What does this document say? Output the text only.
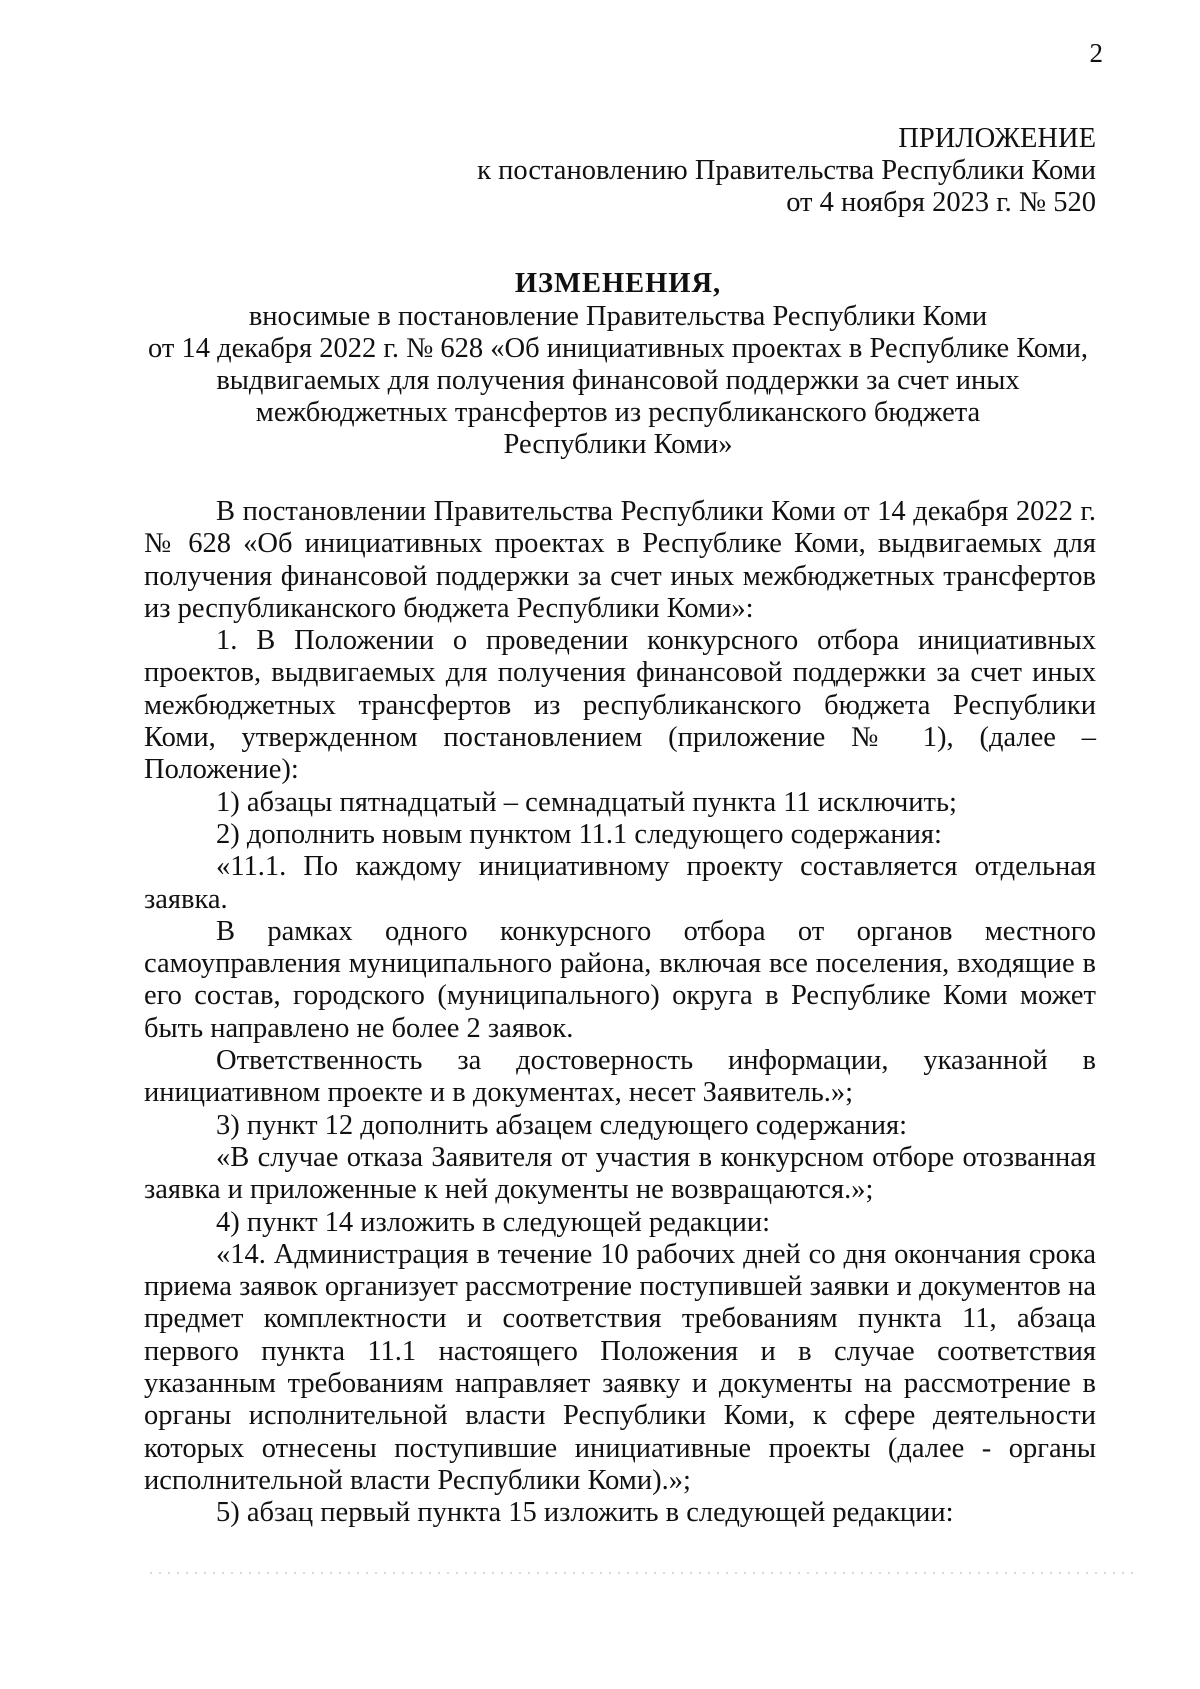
2
ПРИЛОЖЕНИЕ
к постановлению Правительства Республики Коми
от 4 ноября 2023 г. № 520
ИЗМЕНЕНИЯ,
вносимые в постановление Правительства Республики Коми
от 14 декабря 2022 г. № 628 «Об инициативных проектах в Республике Коми,
выдвигаемых для получения финансовой поддержки за счет иных
межбюджетных трансфертов из республиканского бюджета
Республики Коми»

В постановлении Правительства Республики Коми от 14 декабря 2022 г. № 628 «Об инициативных проектах в Республике Коми, выдвигаемых для получения финансовой поддержки за счет иных межбюджетных трансфертов из республиканского бюджета Республики Коми»:

1. В Положении о проведении конкурсного отбора инициативных проектов, выдвигаемых для получения финансовой поддержки за счет иных межбюджетных трансфертов из республиканского бюджета Республики Коми, утвержденном постановлением (приложение № 1), (далее – Положение):

1) абзацы пятнадцатый – семнадцатый пункта 11 исключить;

2) дополнить новым пунктом 11.1 следующего содержания:

«11.1. По каждому инициативному проекту составляется отдельная заявка.

В рамках одного конкурсного отбора от органов местного самоуправления муниципального района, включая все поселения, входящие в его состав, городского (муниципального) округа в Республике Коми может быть направлено не более 2 заявок.

Ответственность за достоверность информации, указанной в инициативном проекте и в документах, несет Заявитель.»;

3) пункт 12 дополнить абзацем следующего содержания:

«В случае отказа Заявителя от участия в конкурсном отборе отозванная заявка и приложенные к ней документы не возвращаются.»;

4) пункт 14 изложить в следующей редакции:

«14. Администрация в течение 10 рабочих дней со дня окончания срока приема заявок организует рассмотрение поступившей заявки и документов на предмет комплектности и соответствия требованиям пункта 11, абзаца первого пункта 11.1 настоящего Положения и в случае соответствия указанным требованиям направляет заявку и документы на рассмотрение в органы исполнительной власти Республики Коми, к сфере деятельности которых отнесены поступившие инициативные проекты (далее - органы исполнительной власти Республики Коми).»;

5) абзац первый пункта 15 изложить в следующей редакции:
